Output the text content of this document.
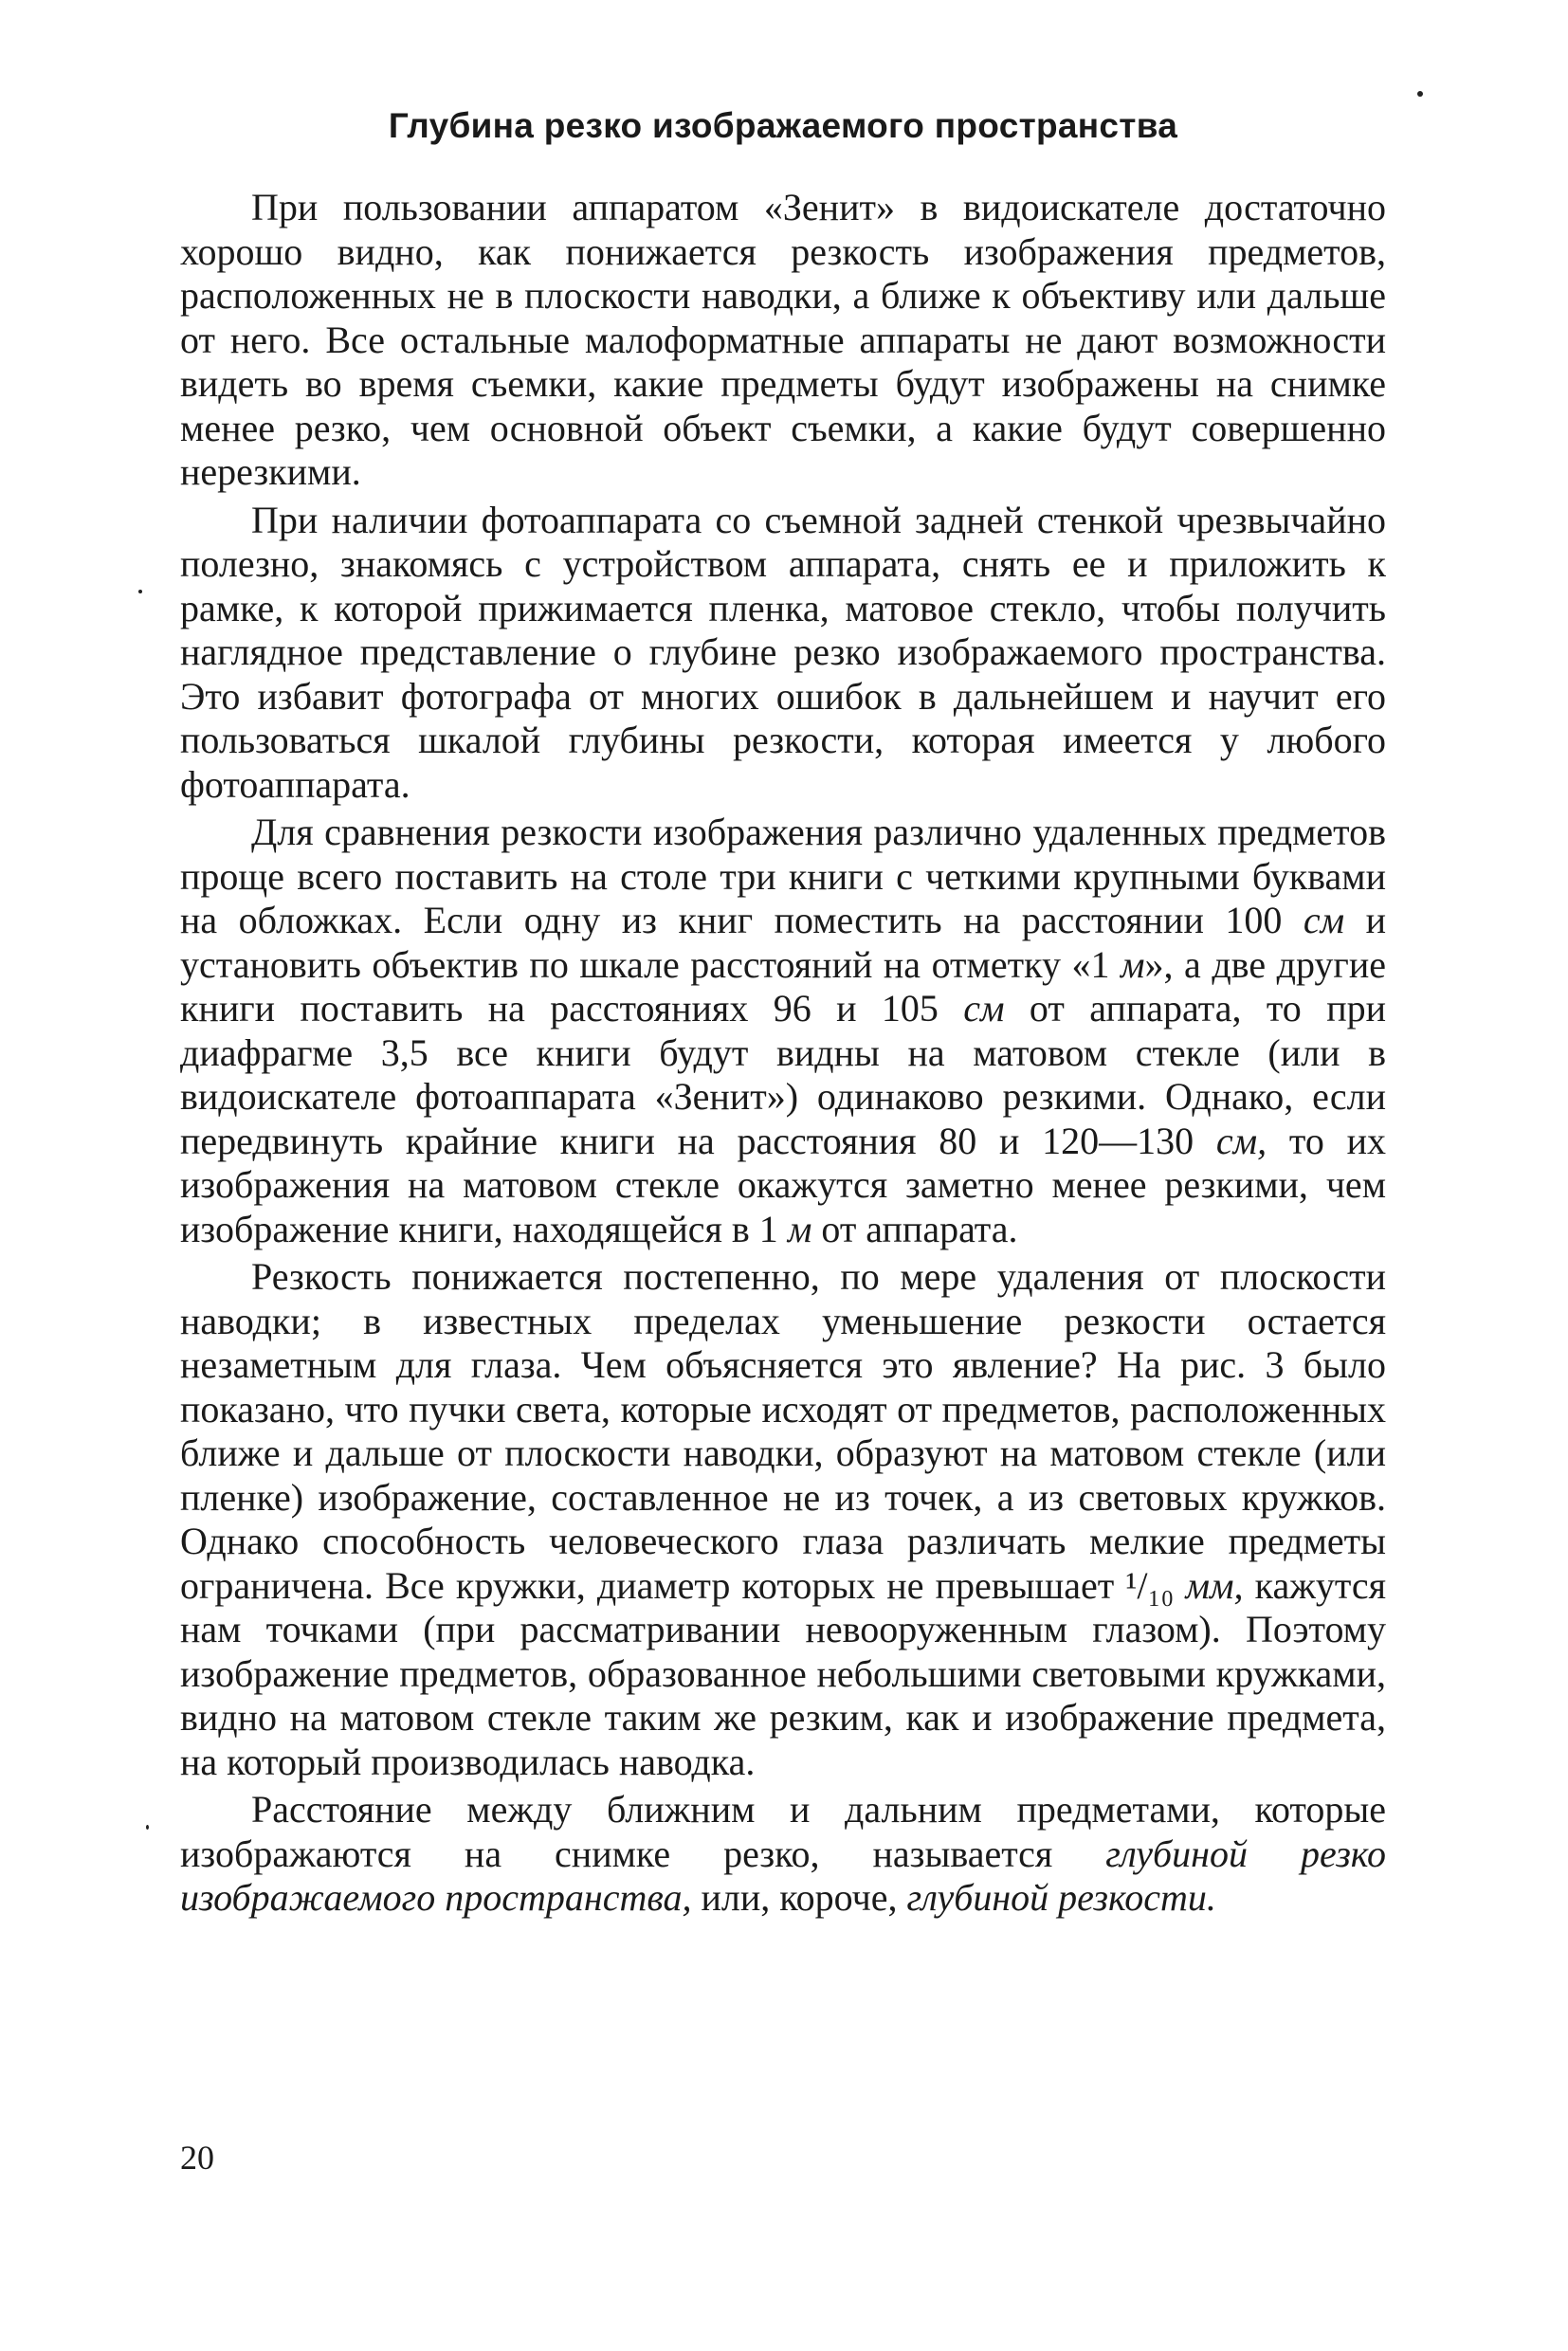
Глубина резко изображаемого пространства

При пользовании аппаратом «Зенит» в видоискателе достаточно хорошо видно, как понижается резкость изображения предметов, расположенных не в плоскости наводки, а ближе к объективу или дальше от него. Все остальные малоформатные аппараты не дают возможности видеть во время съемки, какие предметы будут изображены на снимке менее резко, чем основной объект съемки, а какие будут совершенно нерезкими.

При наличии фотоаппарата со съемной задней стенкой чрезвычайно полезно, знакомясь с устройством аппарата, снять ее и приложить к рамке, к которой прижимается пленка, матовое стекло, чтобы получить наглядное представление о глубине резко изображаемого пространства. Это избавит фотографа от многих ошибок в дальнейшем и научит его пользоваться шкалой глубины резкости, которая имеется у любого фотоаппарата.

Для сравнения резкости изображения различно удаленных предметов проще всего поставить на столе три книги с четкими крупными буквами на обложках. Если одну из книг поместить на расстоянии 100 см и установить объектив по шкале расстояний на отметку «1 м», а две другие книги поставить на расстояниях 96 и 105 см от аппарата, то при диафрагме 3,5 все книги будут видны на матовом стекле (или в видоискателе фотоаппарата «Зенит») одинаково резкими. Однако, если передвинуть крайние книги на расстояния 80 и 120—130 см, то их изображения на матовом стекле окажутся заметно менее резкими, чем изображение книги, находящейся в 1 м от аппарата.

Резкость понижается постепенно, по мере удаления от плоскости наводки; в известных пределах уменьшение резкости остается незаметным для глаза. Чем объясняется это явление? На рис. 3 было показано, что пучки света, которые исходят от предметов, расположенных ближе и дальше от плоскости наводки, образуют на матовом стекле (или пленке) изображение, составленное не из точек, а из световых кружков. Однако способность человеческого глаза различать мелкие предметы ограничена. Все кружки, диаметр которых не превышает ¹/₁₀ мм, кажутся нам точками (при рассматривании невооруженным глазом). Поэтому изображение предметов, образованное небольшими световыми кружками, видно на матовом стекле таким же резким, как и изображение предмета, на который производилась наводка.

Расстояние между ближним и дальним предметами, которые изображаются на снимке резко, называется глубиной резко изображаемого пространства, или, короче, глубиной резкости.

20
